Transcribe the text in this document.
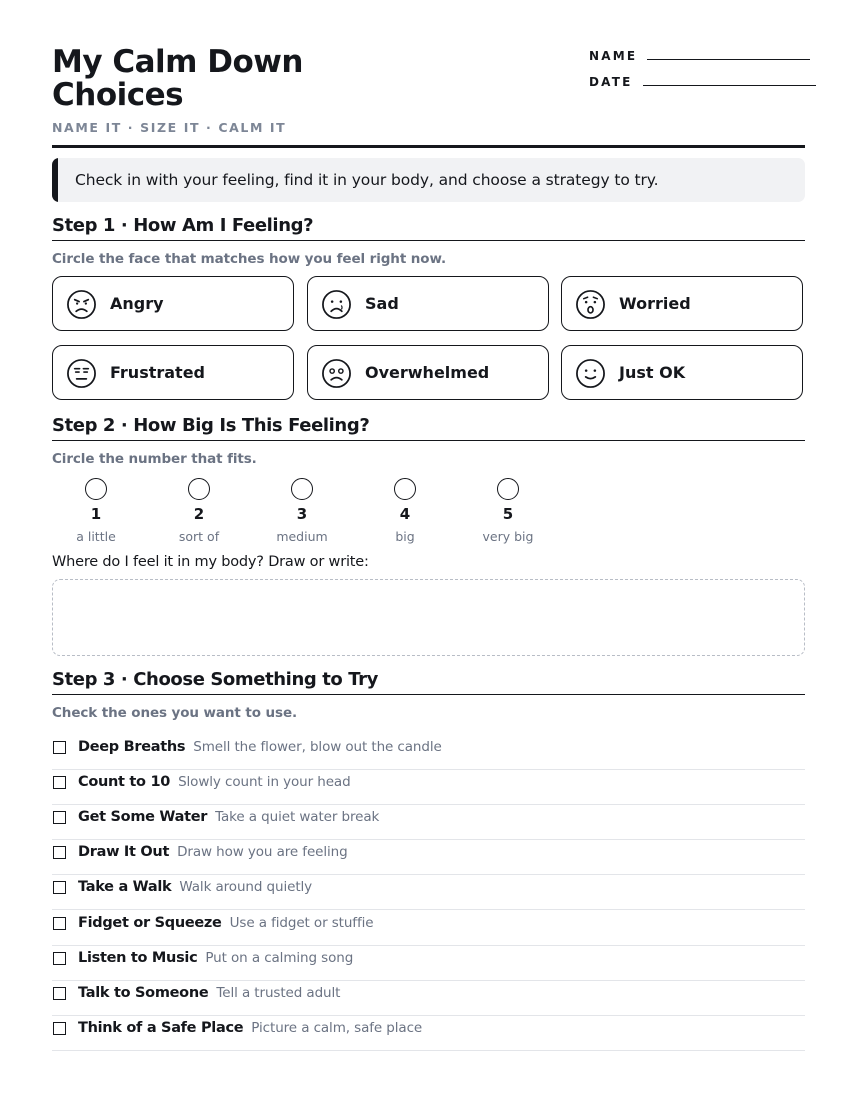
My Calm Down
Choices
NAME IT · SIZE IT · CALM IT
NAME
DATE
Check in with your feeling, find it in your body, and choose a strategy to try.
Step 1 · How Am I Feeling?
Circle the face that matches how you feel right now.
Angry	Sad	Worried
Frustrated	Overwhelmed	Just OK
Step 2 · How Big Is This Feeling?
Circle the number that fits.
1
a little
2
sort of
3
medium
4
big
5
very big
Where do I feel it in my body? Draw or write:
Step 3 · Choose Something to Try
Check the ones you want to use.
Deep Breaths Smell the flower, blow out the candle
Count to 10 Slowly count in your head
Get Some Water Take a quiet water break
Draw It Out Draw how you are feeling
Take a Walk Walk around quietly
Fidget or Squeeze Use a fidget or stuffie
Listen to Music Put on a calming song
Talk to Someone Tell a trusted adult
Think of a Safe Place Picture a calm, safe place
